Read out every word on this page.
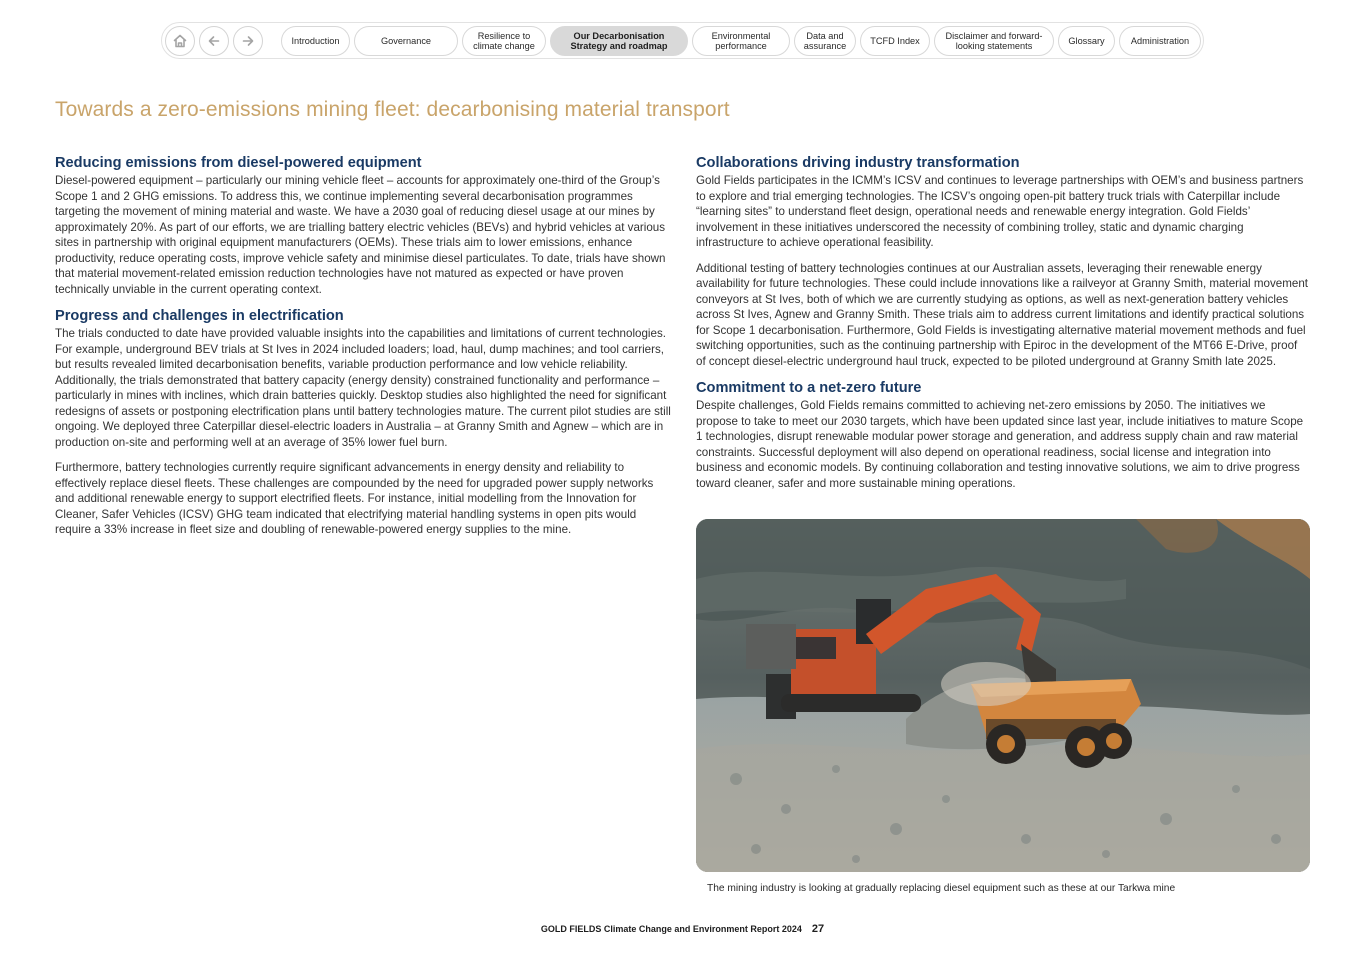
Introduction	Governance	Resilience to
climate change
Our Decarbonisation
Strategy and roadmap
Environmental
performance
Data and
assurance	TCFD Index	Disclaimer and forward-
looking statements	Glossary	Administration
Towards a zero-emissions mining fleet: decarbonising material transport
Reducing emissions from diesel-powered equipment

Diesel-powered equipment – particularly our mining vehicle fleet – accounts for approximately one-third of the Group’s Scope 1 and 2 GHG emissions. To address this, we continue implementing several decarbonisation programmes targeting the movement of mining material and waste. We have a 2030 goal of reducing diesel usage at our mines by approximately 20%. As part of our efforts, we are trialling battery electric vehicles (BEVs) and hybrid vehicles at various sites in partnership with original equipment manufacturers (OEMs). These trials aim to lower emissions, enhance productivity, reduce operating costs, improve vehicle safety and minimise diesel particulates. To date, trials have shown that material movement-related emission reduction technologies have not matured as expected or have proven technically unviable in the current operating context.

Progress and challenges in electrification

The trials conducted to date have provided valuable insights into the capabilities and limitations of current technologies. For example, underground BEV trials at St Ives in 2024 included loaders; load, haul, dump machines; and tool carriers, but results revealed limited decarbonisation benefits, variable production performance and low vehicle reliability. Additionally, the trials demonstrated that battery capacity (energy density) constrained functionality and performance – particularly in mines with inclines, which drain batteries quickly. Desktop studies also highlighted the need for significant redesigns of assets or postponing electrification plans until battery technologies mature. The current pilot studies are still ongoing. We deployed three Caterpillar diesel-electric loaders in Australia – at Granny Smith and Agnew – which are in production on-site and performing well at an average of 35% lower fuel burn.

Furthermore, battery technologies currently require significant advancements in energy density and reliability to effectively replace diesel fleets. These challenges are compounded by the need for upgraded power supply networks and additional renewable energy to support electrified fleets. For instance, initial modelling from the Innovation for Cleaner, Safer Vehicles (ICSV) GHG team indicated that electrifying material handling systems in open pits would require a 33% increase in fleet size and doubling of renewable-powered energy supplies to the mine.

Collaborations driving industry transformation

Gold Fields participates in the ICMM’s ICSV and continues to leverage partnerships with OEM’s and business partners to explore and trial emerging technologies. The ICSV’s ongoing open-pit battery truck trials with Caterpillar include “learning sites” to understand fleet design, operational needs and renewable energy integration. Gold Fields’ involvement in these initiatives underscored the necessity of combining trolley, static and dynamic charging infrastructure to achieve operational feasibility.

Additional testing of battery technologies continues at our Australian assets, leveraging their renewable energy availability for future technologies. These could include innovations like a railveyor at Granny Smith, material movement conveyors at St Ives, both of which we are currently studying as options, as well as next-generation battery vehicles across St Ives, Agnew and Granny Smith. These trials aim to address current limitations and identify practical solutions for Scope 1 decarbonisation. Furthermore, Gold Fields is investigating alternative material movement methods and fuel switching opportunities, such as the continuing partnership with Epiroc in the development of the MT66 E-Drive, proof of concept diesel-electric underground haul truck, expected to be piloted underground at Granny Smith late 2025.

Commitment to a net-zero future

Despite challenges, Gold Fields remains committed to achieving net-zero emissions by 2050. The initiatives we propose to take to meet our 2030 targets, which have been updated since last year, include initiatives to mature Scope 1 technologies, disrupt renewable modular power storage and generation, and address supply chain and raw material constraints. Successful deployment will also depend on operational readiness, social license and integration into business and economic models. By continuing collaboration and testing innovative solutions, we aim to drive progress toward cleaner, safer and more sustainable mining operations.

The mining industry is looking at gradually replacing diesel equipment such as these at our Tarkwa mine
GOLD FIELDS Climate Change and Environment Report 2024 27
